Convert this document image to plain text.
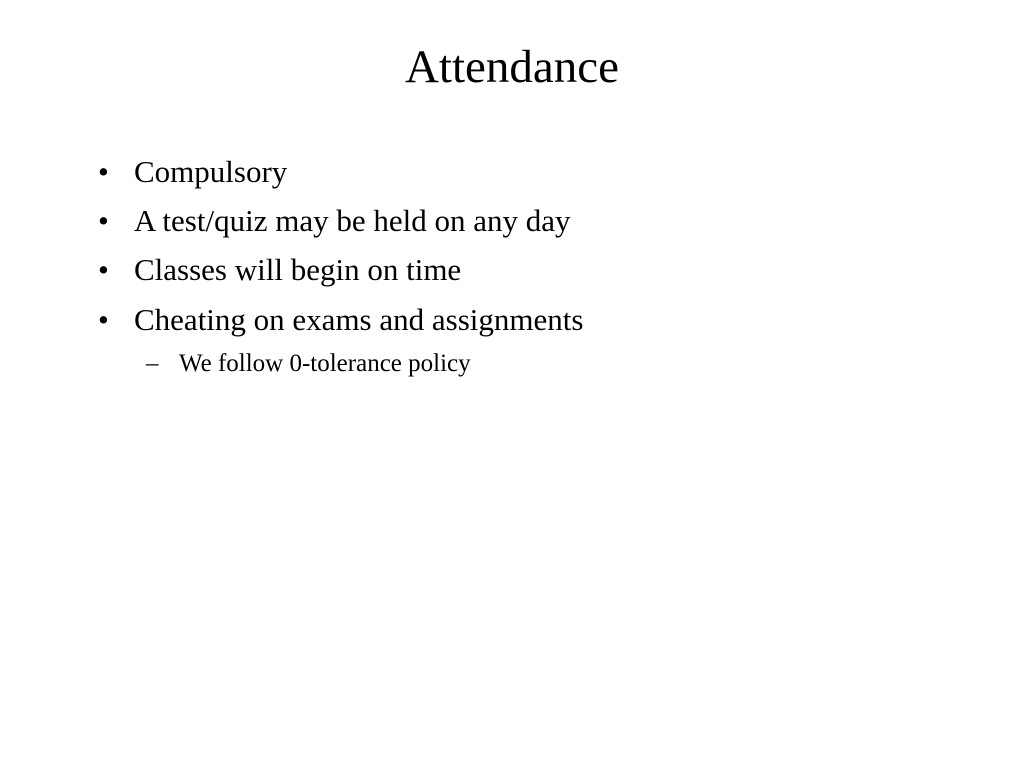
Attendance
• Compulsory
• A test/quiz may be held on any day
• Classes will begin on time
• Cheating on exams and assignments
– We follow 0-tolerance policy
